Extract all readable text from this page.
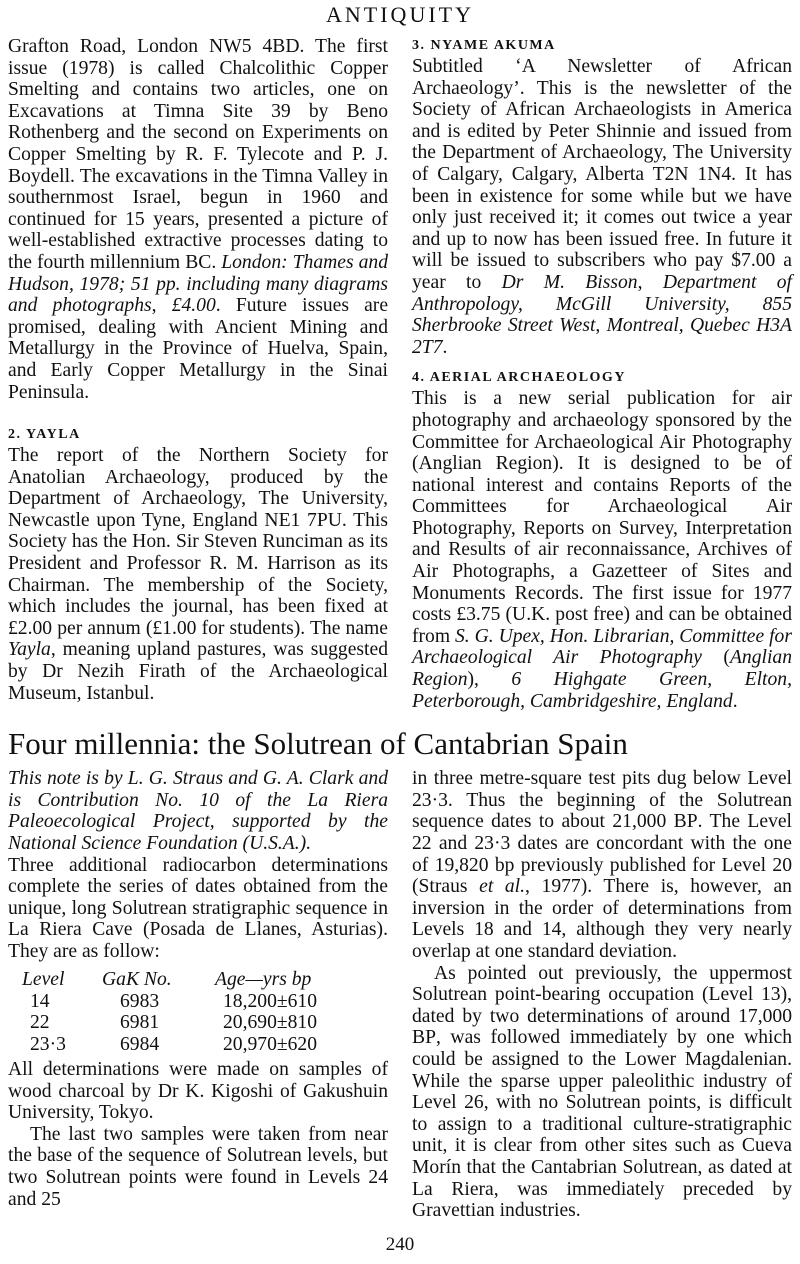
ANTIQUITY

Grafton Road, London NW5 4BD. The first issue (1978) is called Chalcolithic Copper Smelting and contains two articles, one on Excavations at Timna Site 39 by Beno Rothenberg and the second on Experiments on Copper Smelting by R. F. Tylecote and P. J. Boydell. The excavations in the Timna Valley in southernmost Israel, begun in 1960 and continued for 15 years, presented a picture of well-established extractive processes dating to the fourth millennium BC. London: Thames and Hudson, 1978; 51 pp. including many diagrams and photographs, £4.00. Future issues are promised, dealing with Ancient Mining and Metallurgy in the Province of Huelva, Spain, and Early Copper Metallurgy in the Sinai Peninsula.

2. YAYLA

The report of the Northern Society for Anatolian Archaeology, produced by the Department of Archaeology, The University, Newcastle upon Tyne, England NE1 7PU. This Society has the Hon. Sir Steven Runciman as its President and Professor R. M. Harrison as its Chairman. The membership of the Society, which includes the journal, has been fixed at £2.00 per annum (£1.00 for students). The name Yayla, meaning upland pastures, was suggested by Dr Nezih Firath of the Archaeological Museum, Istanbul.

3. NYAME AKUMA

Subtitled ‘A Newsletter of African Archaeology’. This is the newsletter of the Society of African Archaeologists in America and is edited by Peter Shinnie and issued from the Department of Archaeology, The University of Calgary, Calgary, Alberta T2N 1N4. It has been in existence for some while but we have only just received it; it comes out twice a year and up to now has been issued free. In future it will be issued to subscribers who pay $7.00 a year to Dr M. Bisson, Department of Anthropology, McGill University, 855 Sherbrooke Street West, Montreal, Quebec H3A 2T7.

4. AERIAL ARCHAEOLOGY

This is a new serial publication for air photography and archaeology sponsored by the Committee for Archaeological Air Photography (Anglian Region). It is designed to be of national interest and contains Reports of the Committees for Archaeological Air Photography, Reports on Survey, Interpretation and Results of air reconnaissance, Archives of Air Photographs, a Gazetteer of Sites and Monuments Records. The first issue for 1977 costs £3.75 (U.K. post free) and can be obtained from S. G. Upex, Hon. Librarian, Committee for Archaeological Air Photography (Anglian Region), 6 Highgate Green, Elton, Peterborough, Cambridgeshire, England.

Four millennia: the Solutrean of Cantabrian Spain

This note is by L. G. Straus and G. A. Clark and is Contribution No. 10 of the La Riera Paleoecological Project, supported by the National Science Foundation (U.S.A.).

Three additional radiocarbon determinations complete the series of dates obtained from the unique, long Solutrean stratigraphic sequence in La Riera Cave (Posada de Llanes, Asturias). They are as follow:

Level	GaK No.	Age—yrs bp
14	6983	18,200±610
22	6981	20,690±810
23·3	6984	20,970±620

All determinations were made on samples of wood charcoal by Dr K. Kigoshi of Gakushuin University, Tokyo.

The last two samples were taken from near the base of the sequence of Solutrean levels, but two Solutrean points were found in Levels 24 and 25

in three metre-square test pits dug below Level 23·3. Thus the beginning of the Solutrean sequence dates to about 21,000 BP. The Level 22 and 23·3 dates are concordant with the one of 19,820 bp previously published for Level 20 (Straus et al., 1977). There is, however, an inversion in the order of determinations from Levels 18 and 14, although they very nearly overlap at one standard deviation.

As pointed out previously, the uppermost Solutrean point-bearing occupation (Level 13), dated by two determinations of around 17,000 BP, was followed immediately by one which could be assigned to the Lower Magdalenian. While the sparse upper paleolithic industry of Level 26, with no Solutrean points, is difficult to assign to a traditional culture-stratigraphic unit, it is clear from other sites such as Cueva Morín that the Cantabrian Solutrean, as dated at La Riera, was immediately preceded by Gravettian industries.

240
